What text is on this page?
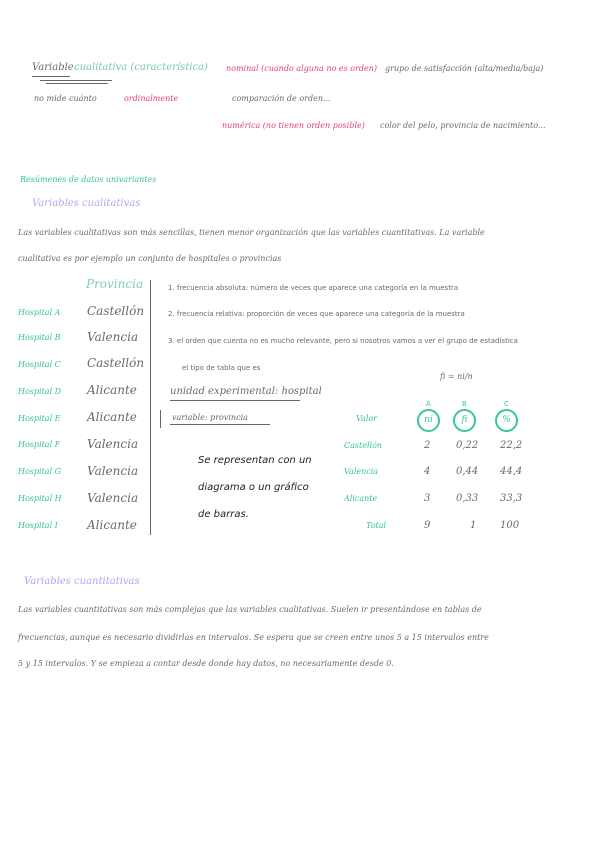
Variable cualitativa (característica) nominal (cuando alguna no es orden) grupo de satisfacción (alta/media/baja)
no mide cuánto	ordinalmente	comparación de orden...
numérica (no tienen orden posible) color del pelo, provincia de nacimiento...
Resúmenes de datos univariantes
Variables cualitativas
Las variables cualitativas son más sencillas, tienen menor organización que las variables cuantitativas. La variable
cualitativa es por ejemplo un conjunto de hospitales o provincias
Provincia
Hospital A Castellón
Hospital B Valencia
Hospital C Castellón
Hospital D Alicante
Hospital E Alicante
Hospital F Valencia
Hospital G Valencia
Hospital H Valencia
Hospital I Alicante
1. frecuencia absoluta: número de veces que aparece una categoría en la muestra
2. frecuencia relativa: proporción de veces que aparece una categoría de la muestra
3. el orden que cuenta no es mucho relevante, pero si nosotros vamos a ver el grupo de estadística
el tipo de tabla que es
fi = ni/n
unidad experimental: hospital
variable: provincia	Valor
A	B	C
ni	fi	%
Castellón	2	0,22 22,2
Valencia	4	0,44 44,4
Alicante	3	0,33 33,3
Total	9	1 100
Se representan con un
diagrama o un gráfico
de barras.
Variables cuantitativas
Las variables cuantitativas son más complejas que las variables cualitativas. Suelen ir presentándose en tablas de
frecuencias, aunque es necesario dividirlas en intervalos. Se espera que se creen entre unos 5 a 15 intervalos entre
5 y 15 intervalos. Y se empieza a contar desde donde hay datos, no necesariamente desde 0.
